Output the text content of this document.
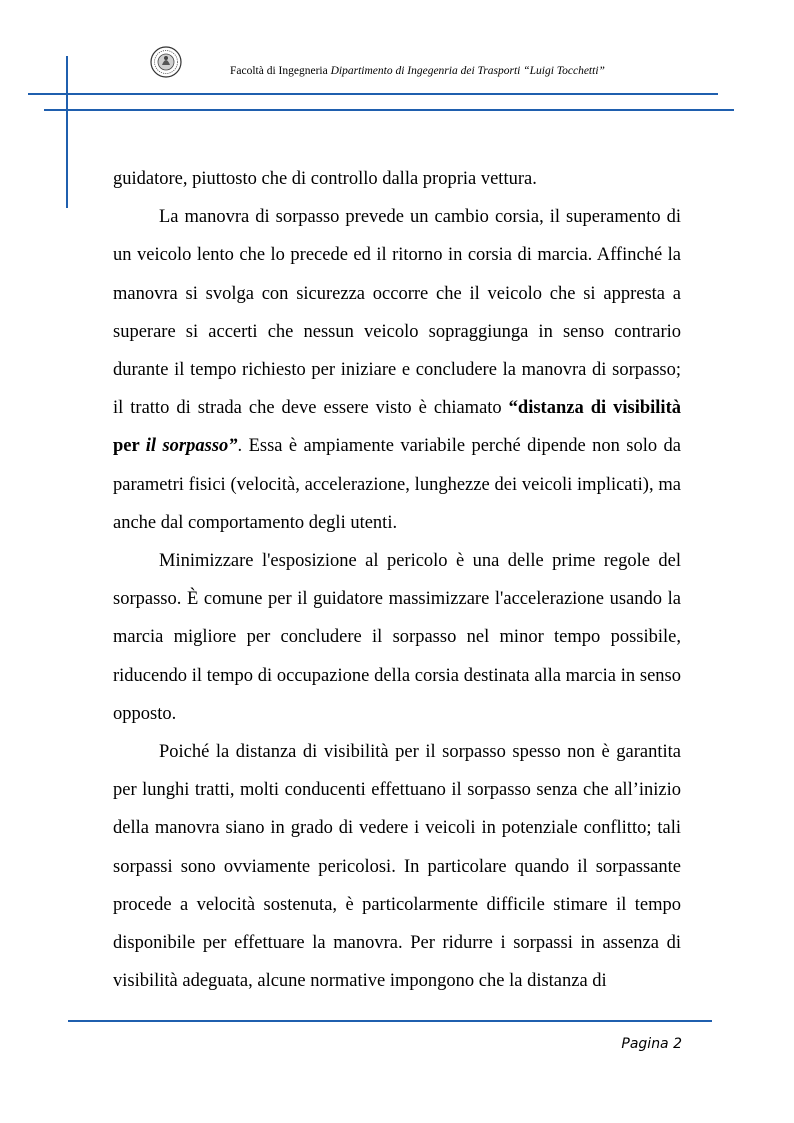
Facoltà di Ingegneria Dipartimento di Ingegenria dei Trasporti “Luigi Tocchetti”

guidatore, piuttosto che di controllo dalla propria vettura.

La manovra di sorpasso prevede un cambio corsia, il superamento di un veicolo lento che lo precede ed il ritorno in corsia di marcia. Affinché la manovra si svolga con sicurezza occorre che il veicolo che si appresta a superare si accerti che nessun veicolo sopraggiunga in senso contrario durante il tempo richiesto per iniziare e concludere la manovra di sorpasso; il tratto di strada che deve essere visto è chiamato “distanza di visibilità per il sorpasso”. Essa è ampiamente variabile perché dipende non solo da parametri fisici (velocità, accelerazione, lunghezze dei veicoli implicati), ma anche dal comportamento degli utenti.

Minimizzare l'esposizione al pericolo è una delle prime regole del sorpasso. È comune per il guidatore massimizzare l'accelerazione usando la marcia migliore per concludere il sorpasso nel minor tempo possibile, riducendo il tempo di occupazione della corsia destinata alla marcia in senso opposto.

Poiché la distanza di visibilità per il sorpasso spesso non è garantita per lunghi tratti, molti conducenti effettuano il sorpasso senza che all’inizio della manovra siano in grado di vedere i veicoli in potenziale conflitto; tali sorpassi sono ovviamente pericolosi. In particolare quando il sorpassante procede a velocità sostenuta, è particolarmente difficile stimare il tempo disponibile per effettuare la manovra. Per ridurre i sorpassi in assenza di visibilità adeguata, alcune normative impongono che la distanza di

Pagina 2
